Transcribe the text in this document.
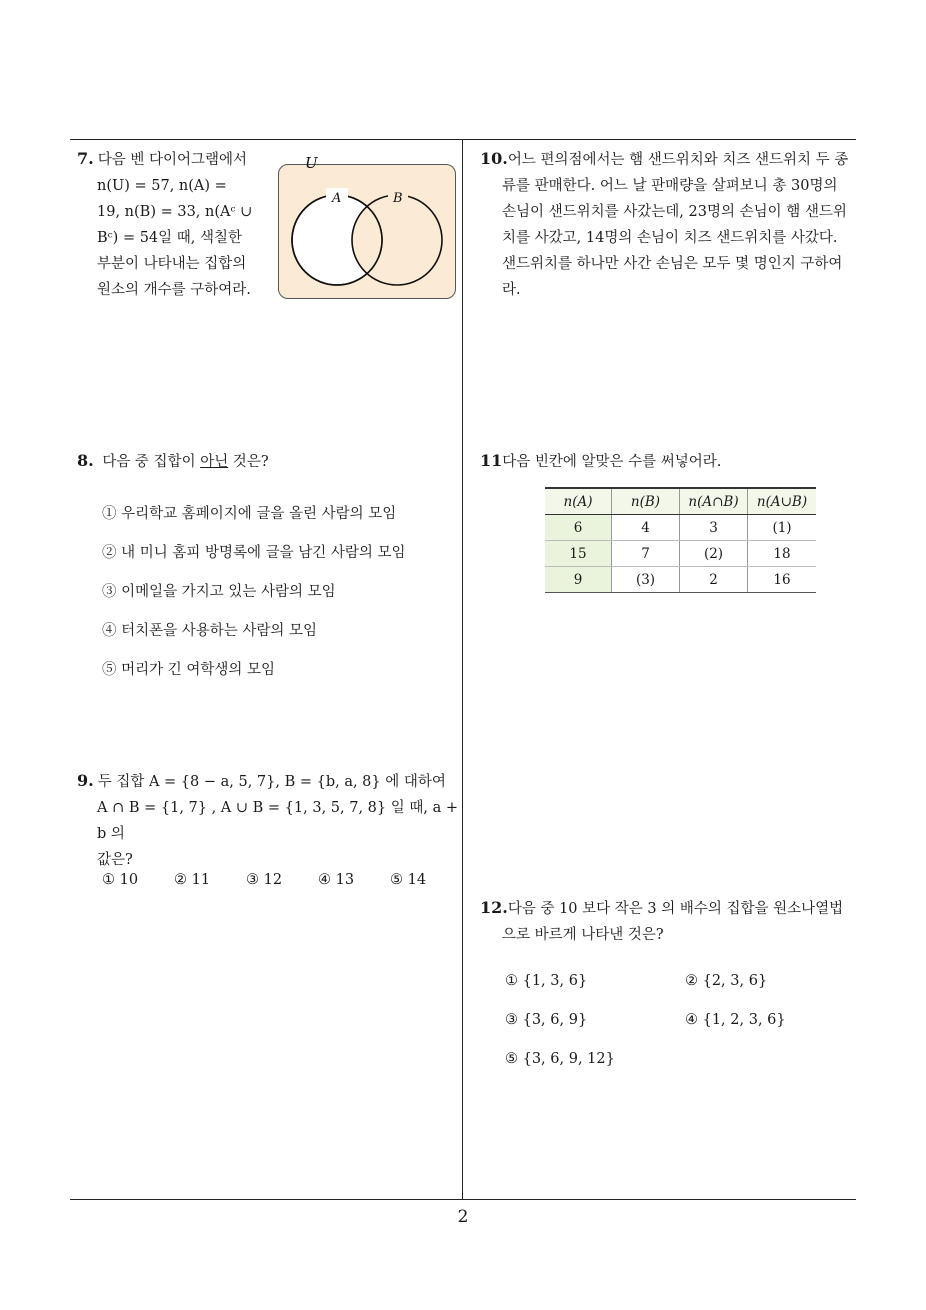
7. 다음 벤 다이어그램에서
n(U) = 57, n(A) =
19, n(B) = 33, n(Aᶜ ∪
Bᶜ) = 54일 때, 색칠한
부분이 나타내는 집합의
원소의 개수를 구하여라.
U
A	B
8. 다음 중 집합이 아닌 것은?
① 우리학교 홈페이지에 글을 올린 사람의 모임
② 내 미니 홈피 방명록에 글을 남긴 사람의 모임
③ 이메일을 가지고 있는 사람의 모임
④ 터치폰을 사용하는 사람의 모임
⑤ 머리가 긴 여학생의 모임
9. 두 집합 A = {8 − a, 5, 7}, B = {b, a, 8} 에 대하여
A ∩ B = {1, 7} , A ∪ B = {1, 3, 5, 7, 8} 일 때, a + b 의
값은?
① 10 ② 11 ③ 12 ④ 13 ⑤ 14
10.어느 편의점에서는 햄 샌드위치와 치즈 샌드위치 두 종
류를 판매한다. 어느 날 판매량을 살펴보니 총 30명의
손님이 샌드위치를 사갔는데, 23명의 손님이 햄 샌드위
치를 사갔고, 14명의 손님이 치즈 샌드위치를 사갔다.
샌드위치를 하나만 사간 손님은 모두 몇 명인지 구하여
라.
11다음 빈칸에 알맞은 수를 써넣어라.
n(A)	n(B)	n(A∩B)	n(A∪B)
6	4	3	(1)
15	7	(2)	18
9	(3)	2	16
12.다음 중 10 보다 작은 3 의 배수의 집합을 원소나열법
으로 바르게 나타낸 것은?
① {1, 3, 6}	② {2, 3, 6}
③ {3, 6, 9}	④ {1, 2, 3, 6}
⑤ {3, 6, 9, 12}
2
